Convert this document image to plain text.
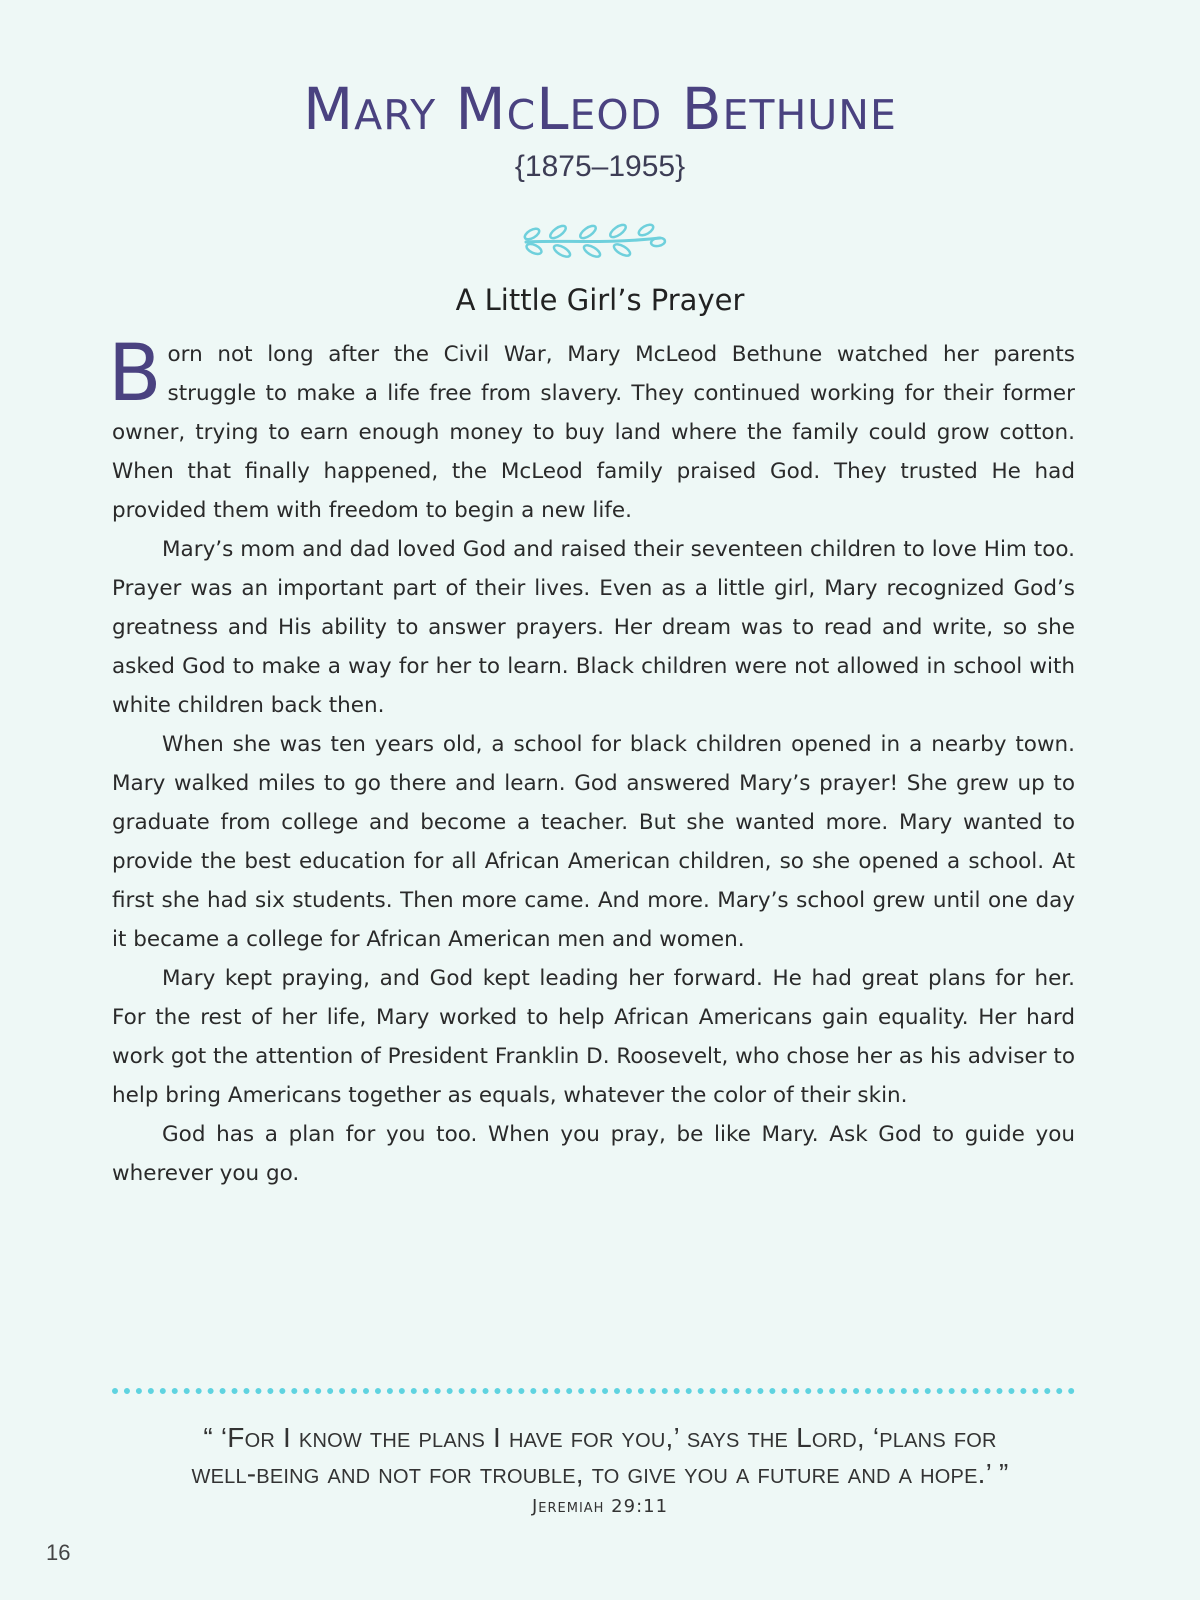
Mary McLeod Bethune
{1875–1955}
A Little Girl’s Prayer

Born not long after the Civil War, Mary McLeod Bethune watched her parents struggle to make a life free from slavery. They continued working for their former owner, trying to earn enough money to buy land where the family could grow cotton. When that finally happened, the McLeod family praised God. They trusted He had provided them with freedom to begin a new life.

Mary’s mom and dad loved God and raised their seventeen children to love Him too. Prayer was an important part of their lives. Even as a little girl, Mary recognized God’s greatness and His ability to answer prayers. Her dream was to read and write, so she asked God to make a way for her to learn. Black children were not allowed in school with white children back then.

When she was ten years old, a school for black children opened in a nearby town. Mary walked miles to go there and learn. God answered Mary’s prayer! She grew up to graduate from college and become a teacher. But she wanted more. Mary wanted to provide the best education for all African American children, so she opened a school. At first she had six students. Then more came. And more. Mary’s school grew until one day it became a college for African American men and women.

Mary kept praying, and God kept leading her forward. He had great plans for her. For the rest of her life, Mary worked to help African Americans gain equality. Her hard work got the attention of President Franklin D. Roosevelt, who chose her as his adviser to help bring Americans together as equals, whatever the color of their skin.

God has a plan for you too. When you pray, be like Mary. Ask God to guide you wherever you go.

“ ‘For I know the plans I have for you,’ says the Lord, ‘plans for
well-being and not for trouble, to give you a future and a hope.’ ”
Jeremiah 29:11
16
